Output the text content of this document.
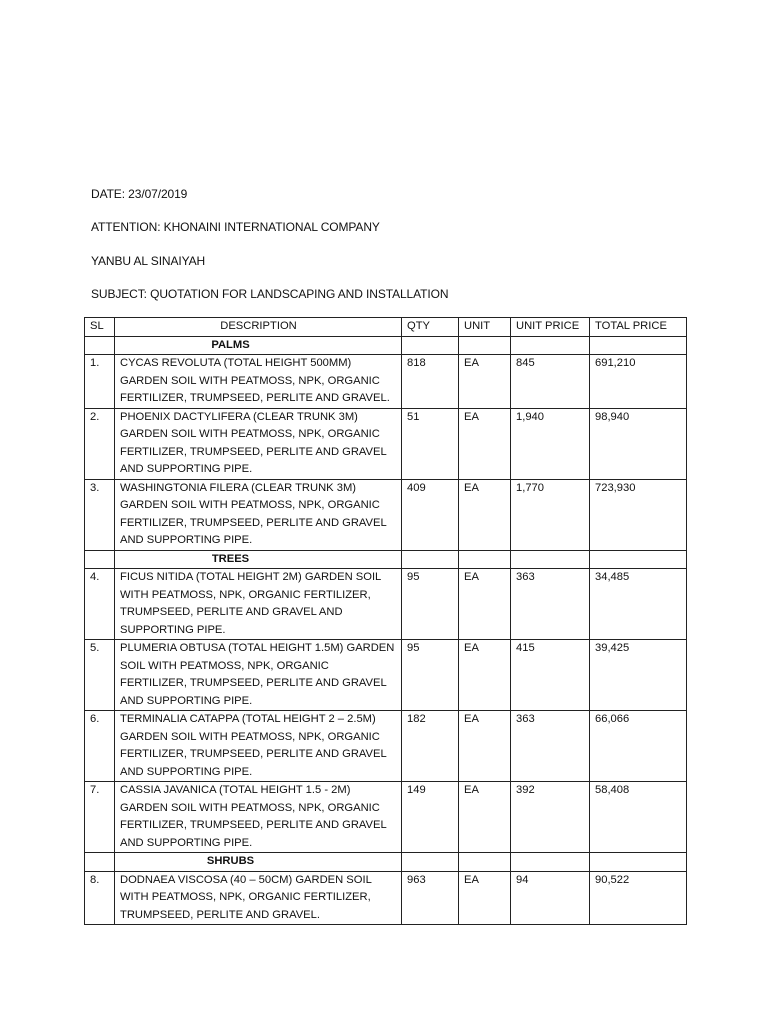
DATE: 23/07/2019
ATTENTION: KHONAINI INTERNATIONAL COMPANY
YANBU AL SINAIYAH
SUBJECT: QUOTATION FOR LANDSCAPING AND INSTALLATION
SL	DESCRIPTION	QTY	UNIT	UNIT PRICE	TOTAL PRICE
	PALMS				
1.	CYCAS REVOLUTA (TOTAL HEIGHT 500MM) GARDEN SOIL WITH PEATMOSS, NPK, ORGANIC FERTILIZER, TRUMPSEED, PERLITE AND GRAVEL.	818	EA	845	691,210
2.	PHOENIX DACTYLIFERA (CLEAR TRUNK 3M) GARDEN SOIL WITH PEATMOSS, NPK, ORGANIC FERTILIZER, TRUMPSEED, PERLITE AND GRAVEL AND SUPPORTING PIPE.	51	EA	1,940	98,940
3.	WASHINGTONIA FILERA (CLEAR TRUNK 3M) GARDEN SOIL WITH PEATMOSS, NPK, ORGANIC FERTILIZER, TRUMPSEED, PERLITE AND GRAVEL AND SUPPORTING PIPE.	409	EA	1,770	723,930
	TREES				
4.	FICUS NITIDA (TOTAL HEIGHT 2M) GARDEN SOIL WITH PEATMOSS, NPK, ORGANIC FERTILIZER, TRUMPSEED, PERLITE AND GRAVEL AND SUPPORTING PIPE.	95	EA	363	34,485
5.	PLUMERIA OBTUSA (TOTAL HEIGHT 1.5M) GARDEN SOIL WITH PEATMOSS, NPK, ORGANIC FERTILIZER, TRUMPSEED, PERLITE AND GRAVEL AND SUPPORTING PIPE.	95	EA	415	39,425
6.	TERMINALIA CATAPPA (TOTAL HEIGHT 2 – 2.5M) GARDEN SOIL WITH PEATMOSS, NPK, ORGANIC FERTILIZER, TRUMPSEED, PERLITE AND GRAVEL AND SUPPORTING PIPE.	182	EA	363	66,066
7.	CASSIA JAVANICA (TOTAL HEIGHT 1.5 - 2M) GARDEN SOIL WITH PEATMOSS, NPK, ORGANIC FERTILIZER, TRUMPSEED, PERLITE AND GRAVEL AND SUPPORTING PIPE.	149	EA	392	58,408
	SHRUBS				
8.	DODNAEA VISCOSA (40 – 50CM) GARDEN SOIL WITH PEATMOSS, NPK, ORGANIC FERTILIZER, TRUMPSEED, PERLITE AND GRAVEL.	963	EA	94	90,522
